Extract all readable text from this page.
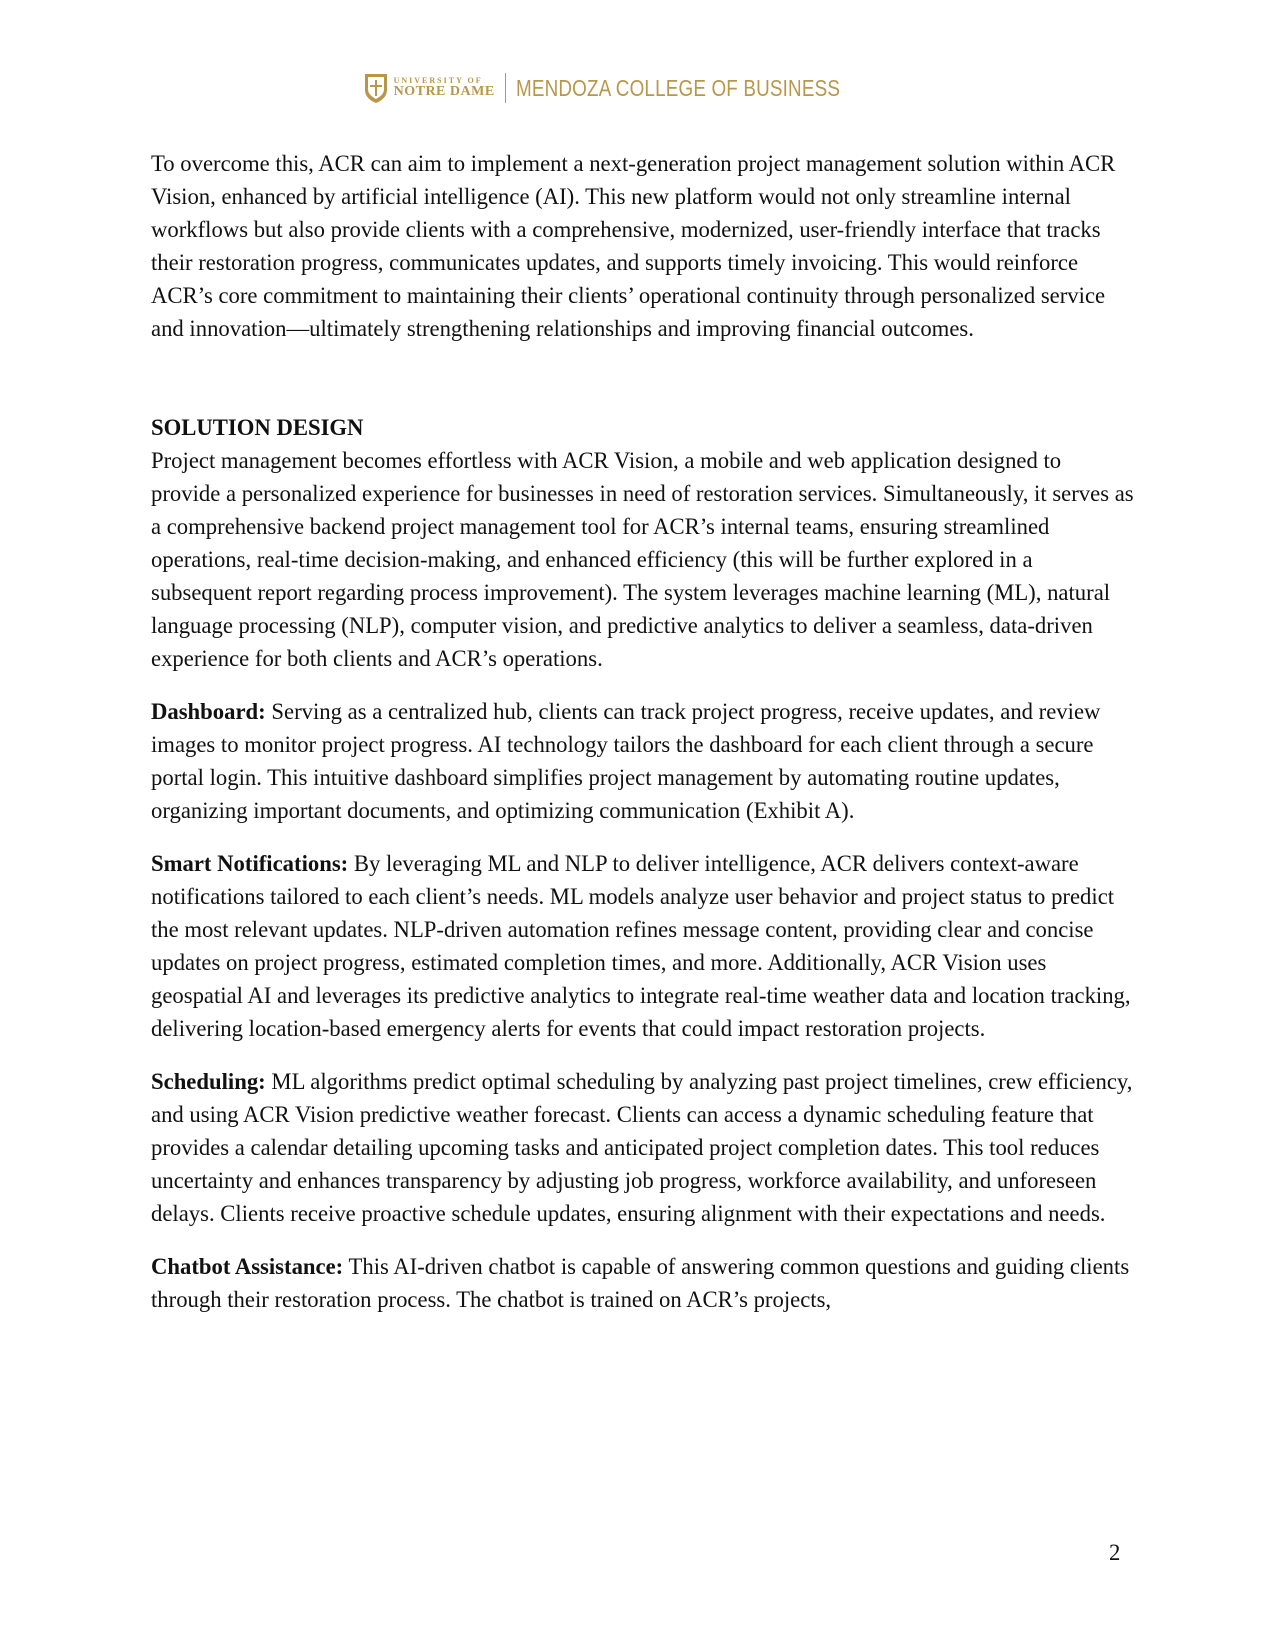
UNIVERSITY OF
NOTRE DAME MENDOZA COLLEGE OF BUSINESS

To overcome this, ACR can aim to implement a next-generation project management solution within ACR Vision, enhanced by artificial intelligence (AI). This new platform would not only streamline internal workflows but also provide clients with a comprehensive, modernized, user-friendly interface that tracks their restoration progress, communicates updates, and supports timely invoicing. This would reinforce ACR’s core commitment to maintaining their clients’ operational continuity through personalized service and innovation—ultimately strengthening relationships and improving financial outcomes.

SOLUTION DESIGN

Project management becomes effortless with ACR Vision, a mobile and web application designed to provide a personalized experience for businesses in need of restoration services. Simultaneously, it serves as a comprehensive backend project management tool for ACR’s internal teams, ensuring streamlined operations, real-time decision-making, and enhanced efficiency (this will be further explored in a subsequent report regarding process improvement). The system leverages machine learning (ML), natural language processing (NLP), computer vision, and predictive analytics to deliver a seamless, data-driven experience for both clients and ACR’s operations.

Dashboard: Serving as a centralized hub, clients can track project progress, receive updates, and review images to monitor project progress. AI technology tailors the dashboard for each client through a secure portal login. This intuitive dashboard simplifies project management by automating routine updates, organizing important documents, and optimizing communication (Exhibit A).

Smart Notifications: By leveraging ML and NLP to deliver intelligence, ACR delivers context-aware notifications tailored to each client’s needs. ML models analyze user behavior and project status to predict the most relevant updates. NLP-driven automation refines message content, providing clear and concise updates on project progress, estimated completion times, and more. Additionally, ACR Vision uses geospatial AI and leverages its predictive analytics to integrate real-time weather data and location tracking, delivering location-based emergency alerts for events that could impact restoration projects.

Scheduling: ML algorithms predict optimal scheduling by analyzing past project timelines, crew efficiency, and using ACR Vision predictive weather forecast. Clients can access a dynamic scheduling feature that provides a calendar detailing upcoming tasks and anticipated project completion dates. This tool reduces uncertainty and enhances transparency by adjusting job progress, workforce availability, and unforeseen delays. Clients receive proactive schedule updates, ensuring alignment with their expectations and needs.

Chatbot Assistance: This AI-driven chatbot is capable of answering common questions and guiding clients through their restoration process. The chatbot is trained on ACR’s projects,

2
